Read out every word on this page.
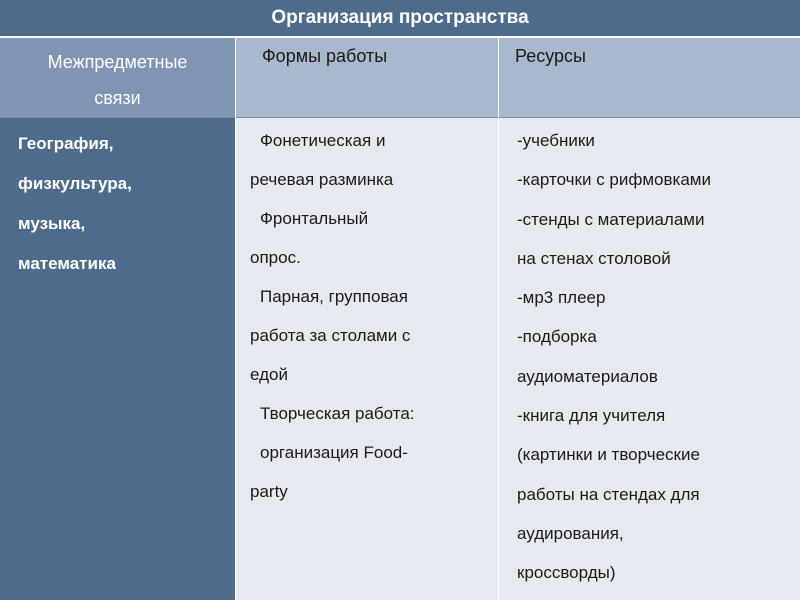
Организация пространства
Межпредметные
связи
Формы работы	Ресурсы
География,
физкультура,
музыка,
математика
Фонетическая и
речевая разминка
Фронтальный
опрос.
Парная, групповая
работа за столами с
едой
Творческая работа:
организация Food-
party
-учебники
-карточки с рифмовками
-стенды с материалами
на стенах столовой
-мр3 плеер
-подборка
аудиоматериалов
-книга для учителя
(картинки и творческие
работы на стендах для
аудирования,
кроссворды)
